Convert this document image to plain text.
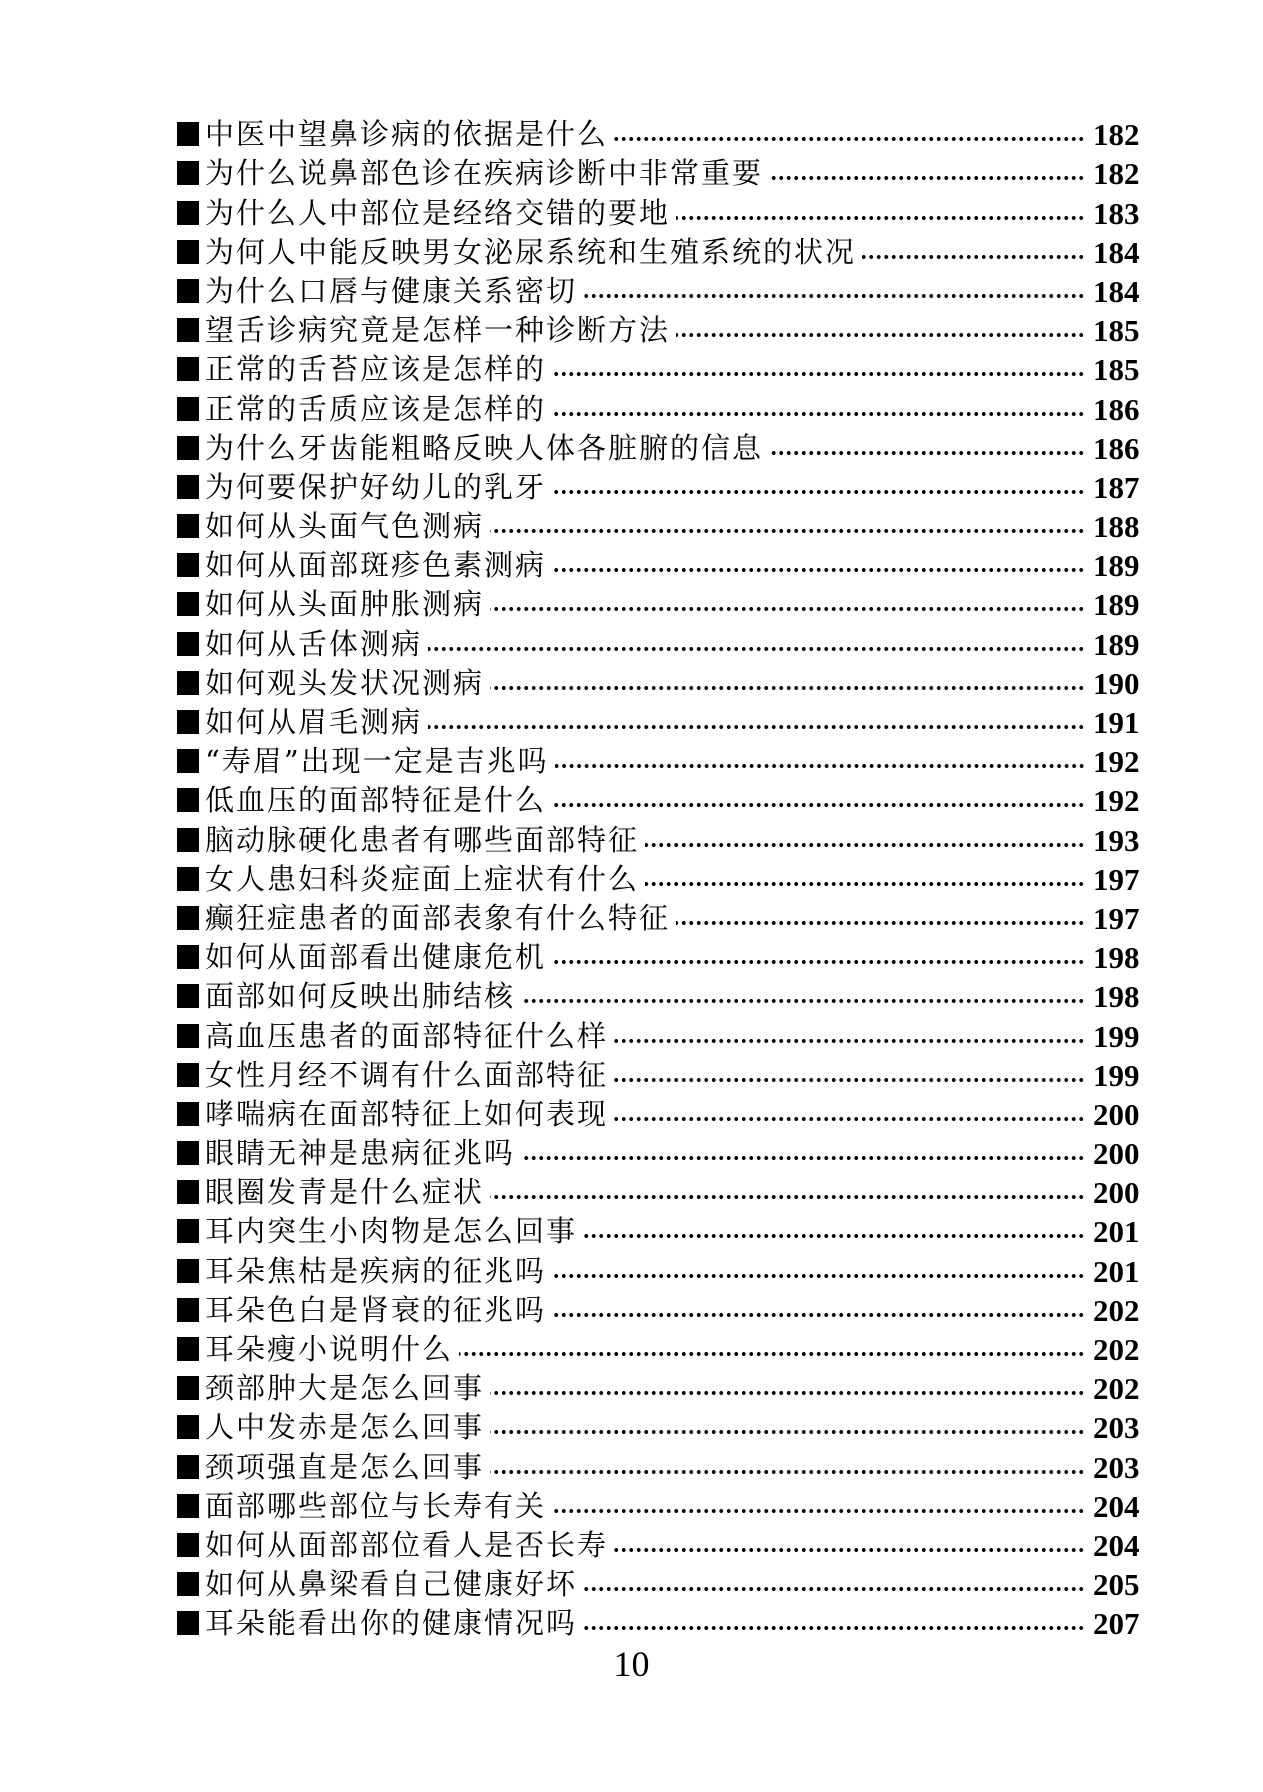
中医中望鼻诊病的依据是什么	182
为什么说鼻部色诊在疾病诊断中非常重要	182
为什么人中部位是经络交错的要地	183
为何人中能反映男女泌尿系统和生殖系统的状况	184
为什么口唇与健康关系密切	184
望舌诊病究竟是怎样一种诊断方法	185
正常的舌苔应该是怎样的	185
正常的舌质应该是怎样的	186
为什么牙齿能粗略反映人体各脏腑的信息	186
为何要保护好幼儿的乳牙	187
如何从头面气色测病	188
如何从面部斑疹色素测病	189
如何从头面肿胀测病	189
如何从舌体测病	189
如何观头发状况测病	190
如何从眉毛测病	191
“寿眉”出现一定是吉兆吗	192
低血压的面部特征是什么	192
脑动脉硬化患者有哪些面部特征	193
女人患妇科炎症面上症状有什么	197
癫狂症患者的面部表象有什么特征	197
如何从面部看出健康危机	198
面部如何反映出肺结核	198
高血压患者的面部特征什么样	199
女性月经不调有什么面部特征	199
哮喘病在面部特征上如何表现	200
眼睛无神是患病征兆吗	200
眼圈发青是什么症状	200
耳内突生小肉物是怎么回事	201
耳朵焦枯是疾病的征兆吗	201
耳朵色白是肾衰的征兆吗	202
耳朵瘦小说明什么	202
颈部肿大是怎么回事	202
人中发赤是怎么回事	203
颈项强直是怎么回事	203
面部哪些部位与长寿有关	204
如何从面部部位看人是否长寿	204
如何从鼻梁看自己健康好坏	205
耳朵能看出你的健康情况吗	207
10
